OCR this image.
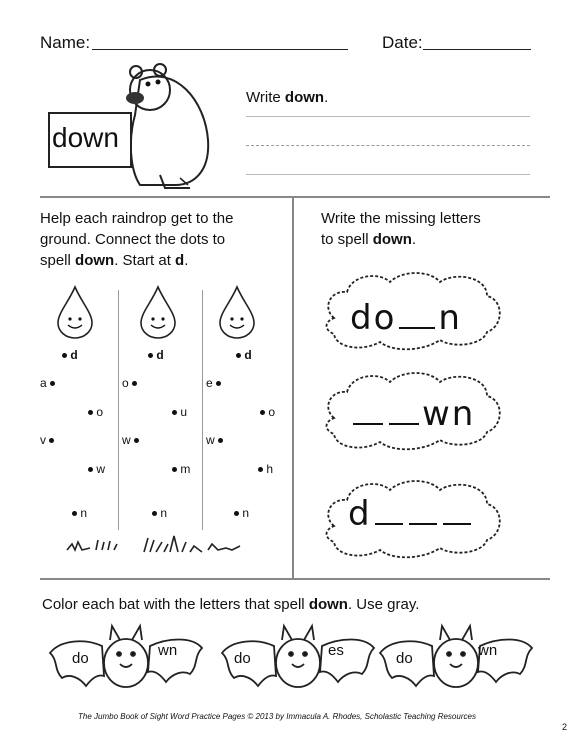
Name:	Date:
down
Write down.
Help each raindrop get to the
ground. Connect the dots to
spell down. Start at d.
d
a
o
v
w
n
d
o
u
w
m
n
d
e
o
w
h
n
Write the missing letters
to spell down.
do n
wn
d
Color each bat with the letters that spell down. Use gray.
do	wn	do	es	do	wn
The Jumbo Book of Sight Word Practice Pages © 2013 by Immacula A. Rhodes, Scholastic Teaching Resources
2
